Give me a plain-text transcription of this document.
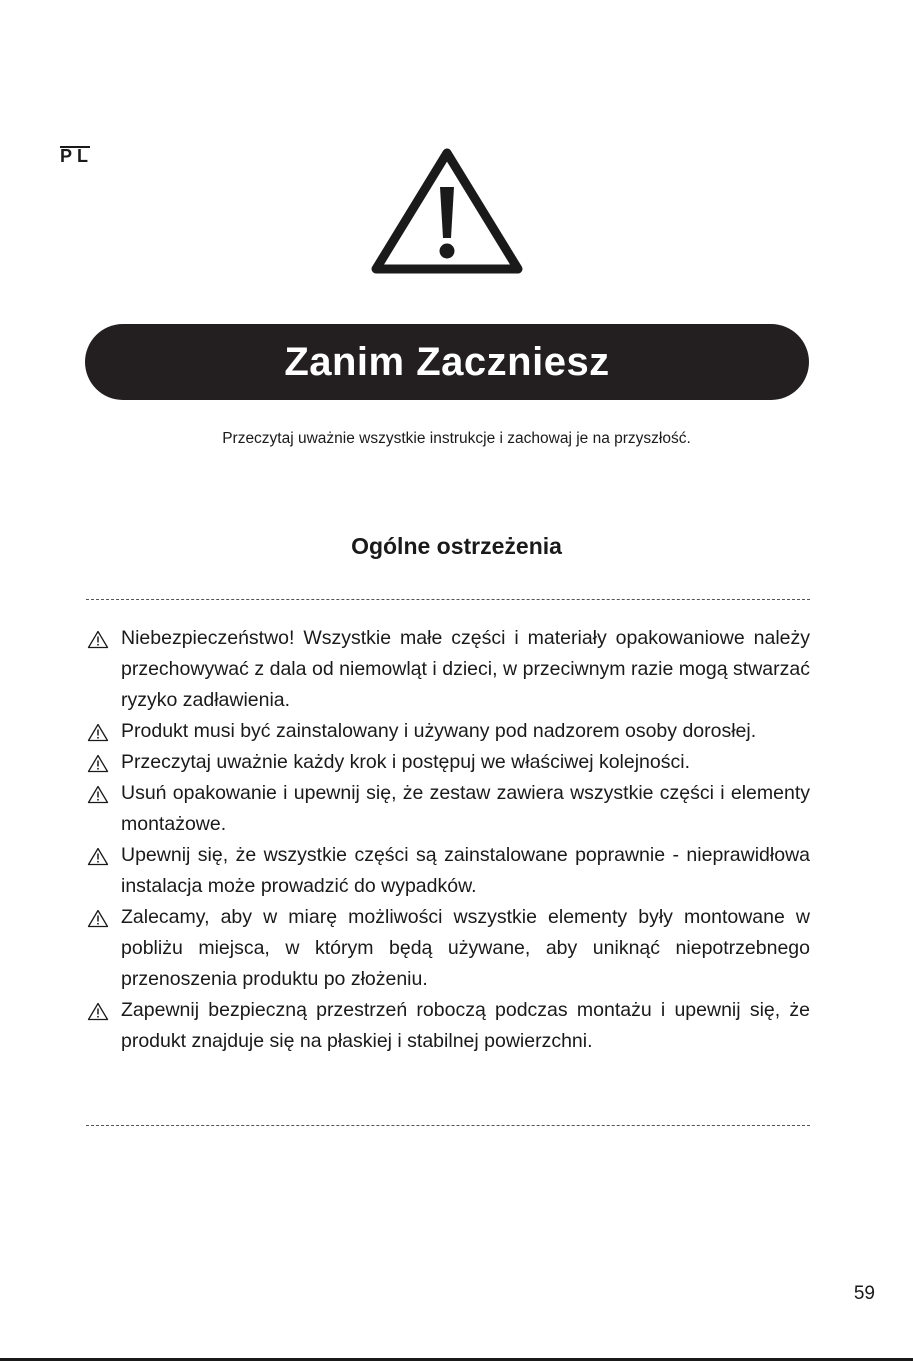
PL
Zanim Zaczniesz
Przeczytaj uważnie wszystkie instrukcje i zachowaj je na przyszłość.
Ogólne ostrzeżenia
Niebezpieczeństwo! Wszystkie małe części i materiały opakowaniowe należy przechowywać z dala od niemowląt i dzieci, w przeciwnym razie mogą stwarzać ryzyko zadławienia.
Produkt musi być zainstalowany i używany pod nadzorem osoby dorosłej.
Przeczytaj uważnie każdy krok i postępuj we właściwej kolejności.
Usuń opakowanie i upewnij się, że zestaw zawiera wszystkie części i elementy montażowe.
Upewnij się, że wszystkie części są zainstalowane poprawnie - nieprawidłowa instalacja może prowadzić do wypadków.
Zalecamy, aby w miarę możliwości wszystkie elementy były montowane w pobliżu miejsca, w którym będą używane, aby uniknąć niepotrzebnego przenoszenia produktu po złożeniu.
Zapewnij bezpieczną przestrzeń roboczą podczas montażu i upewnij się, że produkt znajduje się na płaskiej i stabilnej powierzchni.
59
